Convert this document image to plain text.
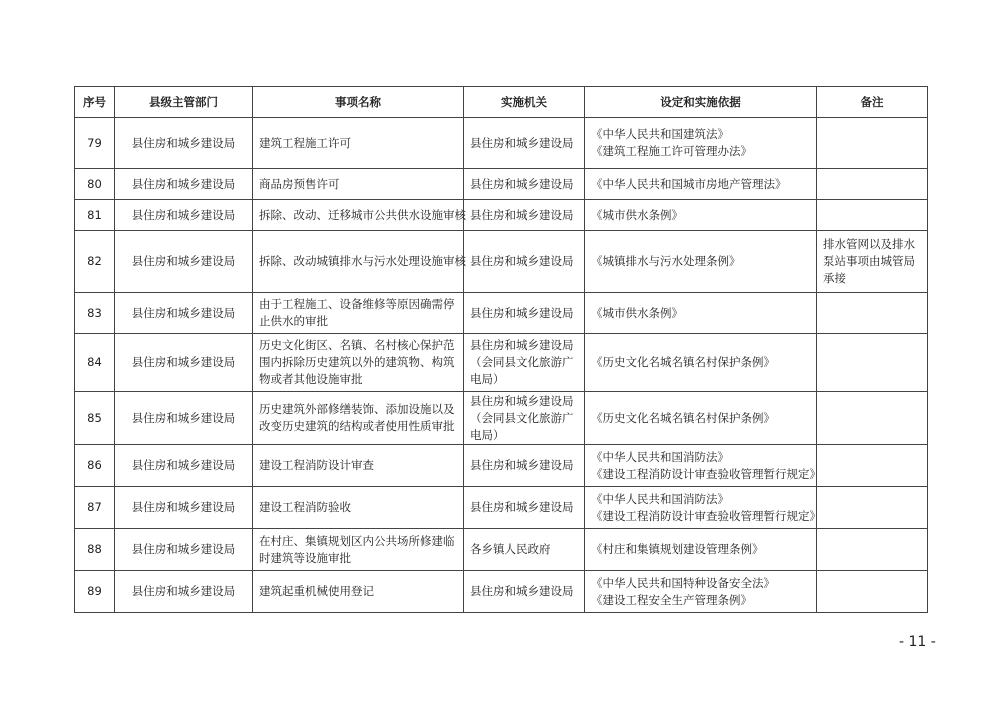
序号	县级主管部门	事项名称	实施机关	设定和实施依据	备注
79	县住房和城乡建设局	建筑工程施工许可	县住房和城乡建设局	《中华人民共和国建筑法》
《建筑工程施工许可管理办法》	

80	县住房和城乡建设局	商品房预售许可	县住房和城乡建设局	《中华人民共和国城市房地产管理法》	

81	县住房和城乡建设局	拆除、改动、迁移城市公共供水设施审核	县住房和城乡建设局	《城市供水条例》	

82	县住房和城乡建设局	拆除、改动城镇排水与污水处理设施审核	县住房和城乡建设局	《城镇排水与污水处理条例》	排水管网以及排水
泵站事项由城管局
承接

83	县住房和城乡建设局	由于工程施工、设备维修等原因确需停
止供水的审批	县住房和城乡建设局	《城市供水条例》	

84	县住房和城乡建设局	历史文化街区、名镇、名村核心保护范
围内拆除历史建筑以外的建筑物、构筑
物或者其他设施审批	县住房和城乡建设局
（会同县文化旅游广
电局）	《历史文化名城名镇名村保护条例》	

85	县住房和城乡建设局	历史建筑外部修缮装饰、添加设施以及
改变历史建筑的结构或者使用性质审批	县住房和城乡建设局
（会同县文化旅游广
电局）	《历史文化名城名镇名村保护条例》	

86	县住房和城乡建设局	建设工程消防设计审查	县住房和城乡建设局	《中华人民共和国消防法》
《建设工程消防设计审查验收管理暂行规定》	

87	县住房和城乡建设局	建设工程消防验收	县住房和城乡建设局	《中华人民共和国消防法》
《建设工程消防设计审查验收管理暂行规定》	

88	县住房和城乡建设局	在村庄、集镇规划区内公共场所修建临
时建筑等设施审批	各乡镇人民政府	《村庄和集镇规划建设管理条例》	

89	县住房和城乡建设局	建筑起重机械使用登记	县住房和城乡建设局	《中华人民共和国特种设备安全法》
《建设工程安全生产管理条例》	

- 11 -
